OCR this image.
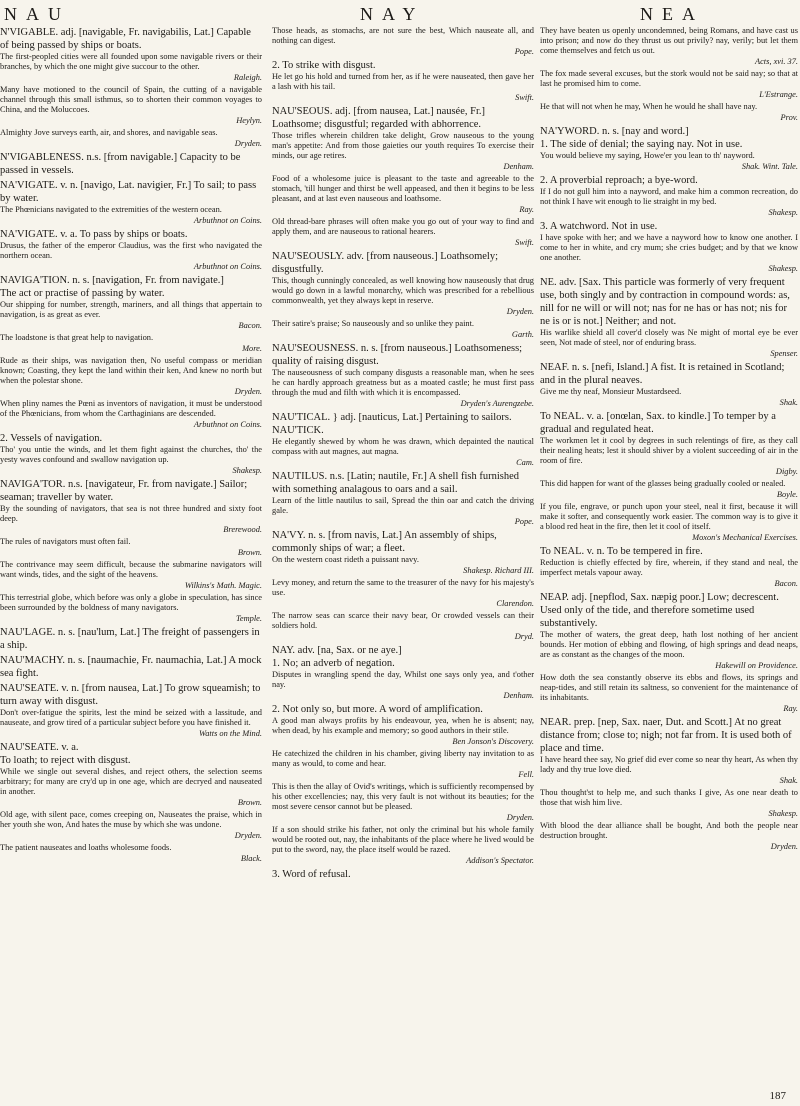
NAU	NAY	NEA
N'VIGABLE. adj. [navigable, Fr. navigabilis, Lat.] Capable of being passed by ships or boats.
The first-peopled cities were all founded upon some navigable rivers or their branches, by which the one might give succour to the other.
Raleigh.
Many have motioned to the council of Spain, the cutting of a navigable channel through this small isthmus, so to shorten their common voyages to China, and the Moluccoes.
Heylyn.
Almighty Jove surveys earth, air, and shores, and navigable seas.
Dryden.
N'VIGABLENESS. n.s. [from navigable.] Capacity to be passed in vessels.
NA'VIGATE. v. n. [navigo, Lat. navigier, Fr.] To sail; to pass by water.
The Phœnicians navigated to the extremities of the western ocean.
Arbuthnot on Coins.
NA'VIGATE. v. a. To pass by ships or boats.
Drusus, the father of the emperor Claudius, was the first who navigated the northern ocean.
Arbuthnot on Coins.
NAVIGA'TION. n. s. [navigation, Fr. from navigate.]
The act or practise of passing by water.
Our shipping for number, strength, mariners, and all things that appertain to navigation, is as great as ever.
Bacon.
The loadstone is that great help to navigation.
More.
Rude as their ships, was navigation then, No useful compass or meridian known; Coasting, they kept the land within their ken, And knew no north but when the polestar shone.
Dryden.
When pliny names the Pœni as inventors of navigation, it must be understood of the Phœnicians, from whom the Carthaginians are descended.
Arbuthnot on Coins.
2. Vessels of navigation.
Tho' you untie the winds, and let them fight against the churches, tho' the yesty waves confound and swallow navigation up.
Shakesp.
NAVIGA'TOR. n.s. [navigateur, Fr. from navigate.] Sailor; seaman; traveller by water.
By the sounding of navigators, that sea is not three hundred and sixty foot deep.
Brerewood.
The rules of navigators must often fail.
Brown.
The contrivance may seem difficult, because the submarine navigators will want winds, tides, and the sight of the heavens.
Wilkins's Math. Magic.
This terrestrial globe, which before was only a globe in speculation, has since been surrounded by the boldness of many navigators.
Temple.
NAU'LAGE. n. s. [nau'lum, Lat.] The freight of passengers in a ship.
NAU'MACHY. n. s. [naumachie, Fr. naumachia, Lat.] A mock sea fight.
NAU'SEATE. v. n. [from nausea, Lat.] To grow squeamish; to turn away with disgust.
Don't over-fatigue the spirits, lest the mind be seized with a lassitude, and nauseate, and grow tired of a particular subject before you have finished it.
Watts on the Mind.
NAU'SEATE. v. a.
To loath; to reject with disgust.
While we single out several dishes, and reject others, the selection seems arbitrary; for many are cry'd up in one age, which are decryed and nauseated in another.
Brown.
Old age, with silent pace, comes creeping on, Nauseates the praise, which in her youth she won, And hates the muse by which she was undone.
Dryden.
The patient nauseates and loaths wholesome foods.
Black.
Those heads, as stomachs, are not sure the best, Which nauseate all, and nothing can digest.
Pope.
2. To strike with disgust.
He let go his hold and turned from her, as if he were nauseated, then gave her a lash with his tail.
Swift.
NAU'SEOUS. adj. [from nausea, Lat.] nausée, Fr.] Loathsome; disgustful; regarded with abhorrence.
Those trifles wherein children take delight, Grow nauseous to the young man's appetite: And from those gaieties our youth requires To exercise their minds, our age retires.
Denham.
Food of a wholesome juice is pleasant to the taste and agreeable to the stomach, 'till hunger and thirst be well appeased, and then it begins to be less pleasant, and at last even nauseous and loathsome.
Ray.
Old thread-bare phrases will often make you go out of your way to find and apply them, and are nauseous to rational hearers.
Swift.
NAU'SEOUSLY. adv. [from nauseous.] Loathsomely; disgustfully.
This, though cunningly concealed, as well knowing how nauseously that drug would go down in a lawful monarchy, which was prescribed for a rebellious commonwealth, yet they always kept in reserve.
Dryden.
Their satire's praise; So nauseously and so unlike they paint.
Garth.
NAU'SEOUSNESS. n. s. [from nauseous.] Loathsomeness; quality of raising disgust.
The nauseousness of such company disgusts a reasonable man, when he sees he can hardly approach greatness but as a moated castle; he must first pass through the mud and filth with which it is encompassed.
Dryden's Aurengzebe.
NAU'TICAL. } adj. [nauticus, Lat.] Pertaining to sailors. NAU'TICK.
He elegantly shewed by whom he was drawn, which depainted the nautical compass with aut magnes, aut magna.
Cam.
NAUTILUS. n.s. [Latin; nautile, Fr.] A shell fish furnished with something analagous to oars and a sail.
Learn of the little nautilus to sail, Spread the thin oar and catch the driving gale.
Pope.
NA'VY. n. s. [from navis, Lat.] An assembly of ships, commonly ships of war; a fleet.
On the western coast rideth a puissant navy.
Shakesp. Richard III.
Levy money, and return the same to the treasurer of the navy for his majesty's use.
Clarendon.
The narrow seas can scarce their navy bear, Or crowded vessels can their soldiers hold.
Dryd.
NAY. adv. [na, Sax. or ne aye.]
1. No; an adverb of negation.
Disputes in wrangling spend the day, Whilst one says only yea, and t'other nay.
Denham.
2. Not only so, but more. A word of amplification.
A good man always profits by his endeavour, yea, when he is absent; nay, when dead, by his example and memory; so good authors in their stile.
Ben Jonson's Discovery.
He catechized the children in his chamber, giving liberty nay invitation to as many as would, to come and hear.
Fell.
This is then the allay of Ovid's writings, which is sufficiently recompensed by his other excellencies; nay, this very fault is not without its beauties; for the most severe censor cannot but be pleased.
Dryden.
If a son should strike his father, not only the criminal but his whole family would be rooted out, nay, the inhabitants of the place where he lived would be put to the sword, nay, the place itself would be razed.
Addison's Spectator.
3. Word of refusal.
They have beaten us openly uncondemned, being Romans, and have cast us into prison; and now do they thrust us out privily? nay, verily; but let them come themselves and fetch us out.
Acts, xvi. 37.
The fox made several excuses, but the stork would not be said nay; so that at last he promised him to come.
L'Estrange.
He that will not when he may, When he would he shall have nay.
Prov.
NA'YWORD. n. s. [nay and word.]
1. The side of denial; the saying nay. Not in use.
You would believe my saying, Howe'er you lean to th' nayword.
Shak. Wint. Tale.
2. A proverbial reproach; a bye-word.
If I do not gull him into a nayword, and make him a common recreation, do not think I have wit enough to lie straight in my bed.
Shakesp.
3. A watchword. Not in use.
I have spoke with her; and we have a nayword how to know one another. I come to her in white, and cry mum; she cries budget; and by that we know one another.
Shakesp.
NE. adv. [Sax. This particle was formerly of very frequent use, both singly and by contraction in compound words: as, nill for ne will or will not; nas for ne has or has not; nis for ne is or is not.] Neither; and not.
His warlike shield all cover'd closely was Ne might of mortal eye be ever seen, Not made of steel, nor of enduring brass.
Spenser.
NEAF. n. s. [nefi, Island.] A fist. It is retained in Scotland; and in the plural neaves.
Give me thy neaf, Monsieur Mustardseed.
Shak.
To NEAL. v. a. [onœlan, Sax. to kindle.] To temper by a gradual and regulated heat.
The workmen let it cool by degrees in such relentings of fire, as they call their nealing heats; lest it should shiver by a violent succeeding of air in the room of fire.
Digby.
This did happen for want of the glasses being gradually cooled or nealed.
Boyle.
If you file, engrave, or punch upon your steel, neal it first, because it will make it softer, and consequently work easier. The common way is to give it a blood red heat in the fire, then let it cool of itself.
Moxon's Mechanical Exercises.
To NEAL. v. n. To be tempered in fire.
Reduction is chiefly effected by fire, wherein, if they stand and neal, the imperfect metals vapour away.
Bacon.
NEAP. adj. [nepflod, Sax. næpig poor.] Low; decrescent. Used only of the tide, and therefore sometime used substantively.
The mother of waters, the great deep, hath lost nothing of her ancient bounds. Her motion of ebbing and flowing, of high springs and dead neaps, are as constant as the changes of the moon.
Hakewill on Providence.
How doth the sea constantly observe its ebbs and flows, its springs and neap-tides, and still retain its saltness, so convenient for the maintenance of its inhabitants.
Ray.
NEAR. prep. [nep, Sax. naer, Dut. and Scott.] At no great distance from; close to; nigh; not far from. It is used both of place and time.
I have heard thee say, No grief did ever come so near thy heart, As when thy lady and thy true love died.
Shak.
Thou thought'st to help me, and such thanks I give, As one near death to those that wish him live.
Shakesp.
With blood the dear alliance shall be bought, And both the people near destruction brought.
Dryden.
187
